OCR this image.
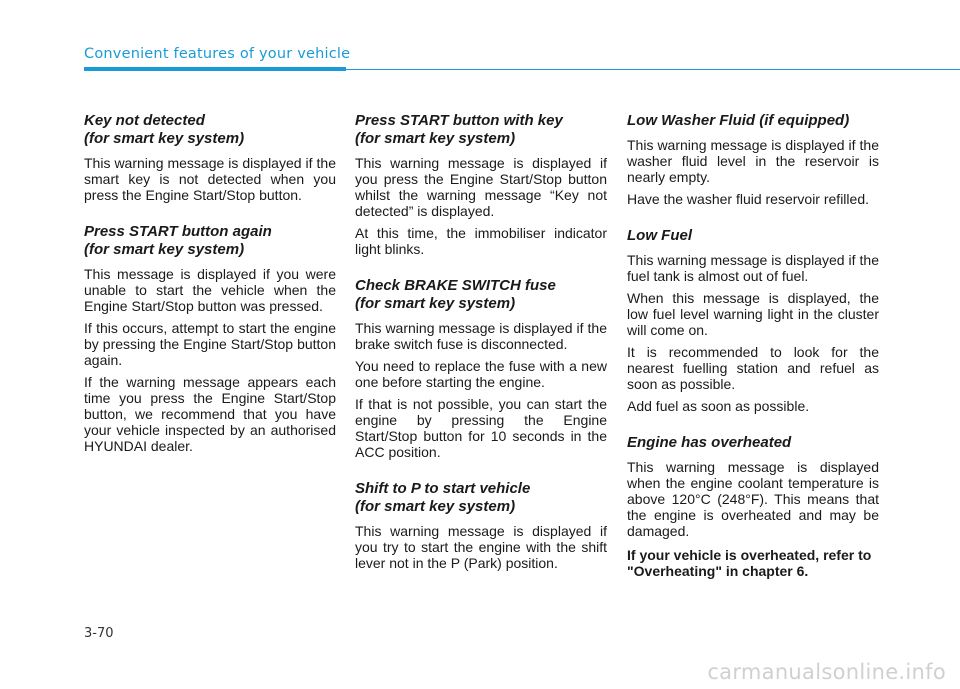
Convenient features of your vehicle
Key not detected
(for smart key system)

This warning message is displayed if the smart key is not detected when you press the Engine Start/Stop button.

Press START button again
(for smart key system)

This message is displayed if you were unable to start the vehicle when the Engine Start/Stop button was pressed.

If this occurs, attempt to start the engine by pressing the Engine Start/Stop button again.

If the warning message appears each time you press the Engine Start/Stop button, we recommend that you have your vehicle inspected by an authorised HYUNDAI dealer.

Press START button with key
(for smart key system)

This warning message is displayed if you press the Engine Start/Stop button whilst the warning message “Key not detected” is displayed.

At this time, the immobiliser indicator light blinks.

Check BRAKE SWITCH fuse
(for smart key system)

This warning message is displayed if the brake switch fuse is disconnected.

You need to replace the fuse with a new one before starting the engine.

If that is not possible, you can start the engine by pressing the Engine Start/Stop button for 10 seconds in the ACC position.

Shift to P to start vehicle
(for smart key system)

This warning message is displayed if you try to start the engine with the shift lever not in the P (Park) position.

Low Washer Fluid (if equipped)

This warning message is displayed if the washer fluid level in the reservoir is nearly empty.

Have the washer fluid reservoir refilled.

Low Fuel

This warning message is displayed if the fuel tank is almost out of fuel.

When this message is displayed, the low fuel level warning light in the cluster will come on.

It is recommended to look for the nearest fuelling station and refuel as soon as possible.

Add fuel as soon as possible.

Engine has overheated

This warning message is displayed when the engine coolant temperature is above 120°C (248°F). This means that the engine is overheated and may be damaged.

If your vehicle is overheated, refer to "Overheating" in chapter 6.

3-70
carmanualsonline.info
